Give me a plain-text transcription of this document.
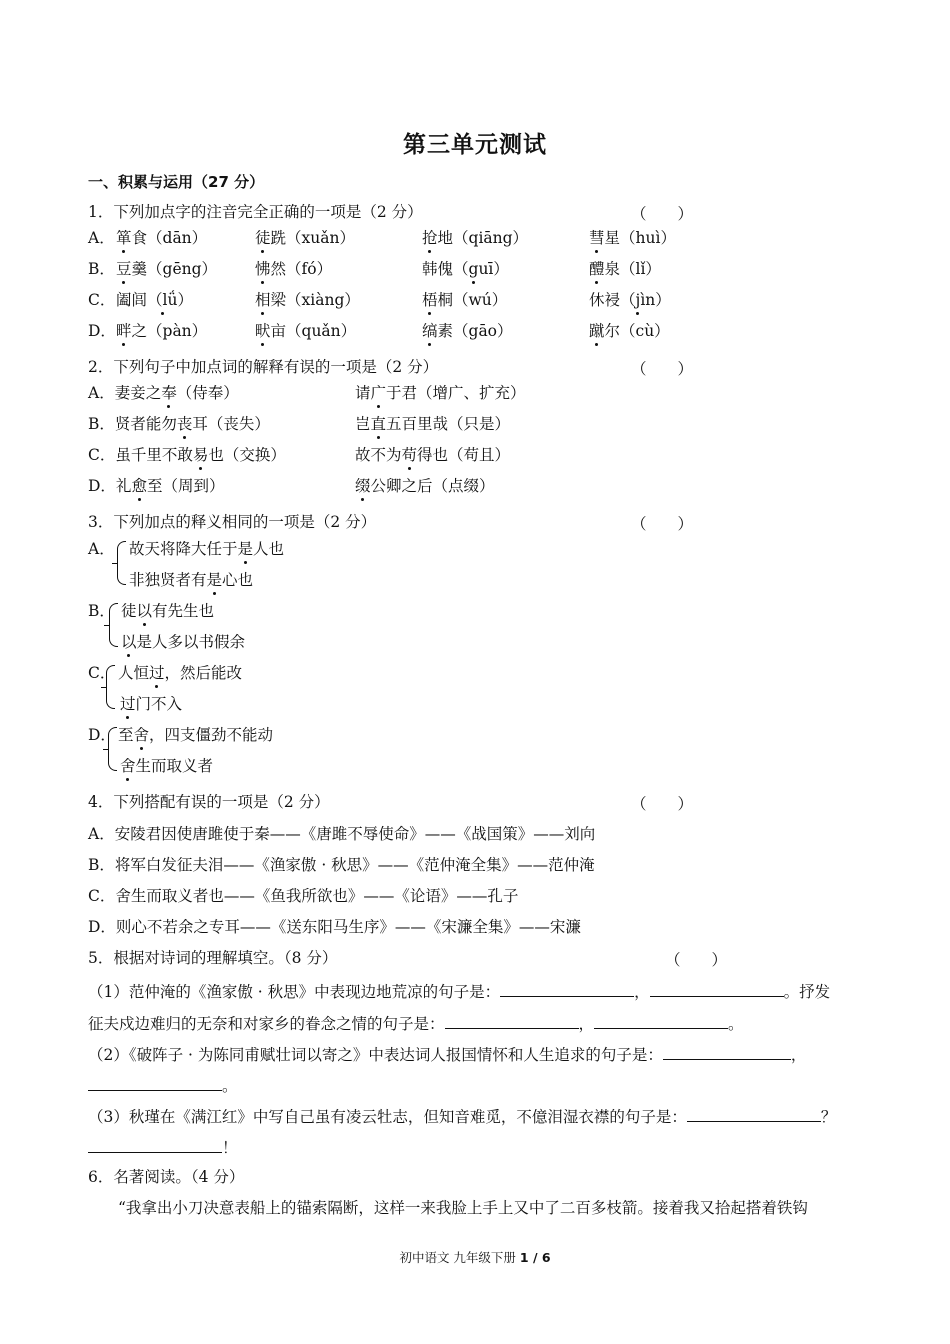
第三单元测试
一、积累与运用（27 分）
1．下列加点字的注音完全正确的一项是（2 分）	（　　）
A． 箪食（dān）	徒跣（xuǎn）	抢地（qiāng）	彗星（huì）
B． 豆羹（gēng） 怫然（fó）	韩傀（guī）	醴泉（lǐ）
C． 阖闾（lǘ）	相梁（xiàng）	梧桐（wú）	休祲（jìn）
D． 畔之（pàn）	畎亩（quǎn）	缟素（gāo）	蹴尔（cù）
2．下列句子中加点词的解释有误的一项是（2 分）	（　　）
A．妻妾之奉（侍奉）	请广于君（增广、扩充）
B．贤者能勿丧耳（丧失）	岂直五百里哉（只是）
C．虽千里不敢易也（交换）	故不为苟得也（苟且）
D．礼愈至（周到）	缀公卿之后（点缀）
3．下列加点的释义相同的一项是（2 分）	（　　）
A． 故天将降大任于是人也
非独贤者有是心也
B． 徒以有先生也
以是人多以书假余
C． 人恒过，然后能改
过门不入
D． 至舍，四支僵劲不能动
舍生而取义者
4．下列搭配有误的一项是（2 分）	（　　）
A．安陵君因使唐雎使于秦——《唐雎不辱使命》——《战国策》——刘向
B．将军白发征夫泪——《渔家傲 · 秋思》——《范仲淹全集》——范仲淹
C．舍生而取义者也——《鱼我所欲也》——《论语》——孔子
D．则心不若余之专耳——《送东阳马生序》——《宋濂全集》——宋濂
5．根据对诗词的理解填空。（8 分）	（　　）
（1）范仲淹的《渔家傲 · 秋思》中表现边地荒凉的句子是：	，	。抒发
征夫戍边难归的无奈和对家乡的眷念之情的句子是：	，	。
（2）《破阵子 · 为陈同甫赋壮词以寄之》中表达词人报国情怀和人生追求的句子是：	，
。
（3）秋瑾在《满江红》中写自己虽有凌云牡志，但知音难觅，不億泪湿衣襟的句子是：	？
！
6．名著阅读。（4 分）
“我拿出小刀决意表船上的锚索隔断，这样一来我脸上手上又中了二百多枝箭。接着我又拾起搭着铁钩
初中语文 九年级下册 1 / 6
